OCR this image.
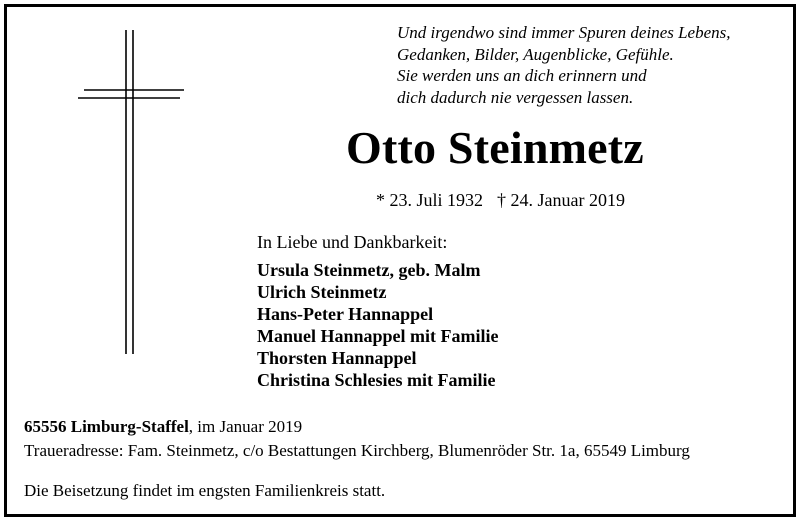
Und irgendwo sind immer Spuren deines Lebens,
Gedanken, Bilder, Augenblicke, Gefühle.
Sie werden uns an dich erinnern und
dich dadurch nie vergessen lassen.
Otto Steinmetz
* 23. Juli 1932 † 24. Januar 2019
In Liebe und Dankbarkeit:
Ursula Steinmetz, geb. Malm
Ulrich Steinmetz
Hans-Peter Hannappel
Manuel Hannappel mit Familie
Thorsten Hannappel
Christina Schlesies mit Familie
65556 Limburg-Staffel, im Januar 2019
Traueradresse: Fam. Steinmetz, c/o Bestattungen Kirchberg, Blumenröder Str. 1a, 65549 Limburg
Die Beisetzung findet im engsten Familienkreis statt.
